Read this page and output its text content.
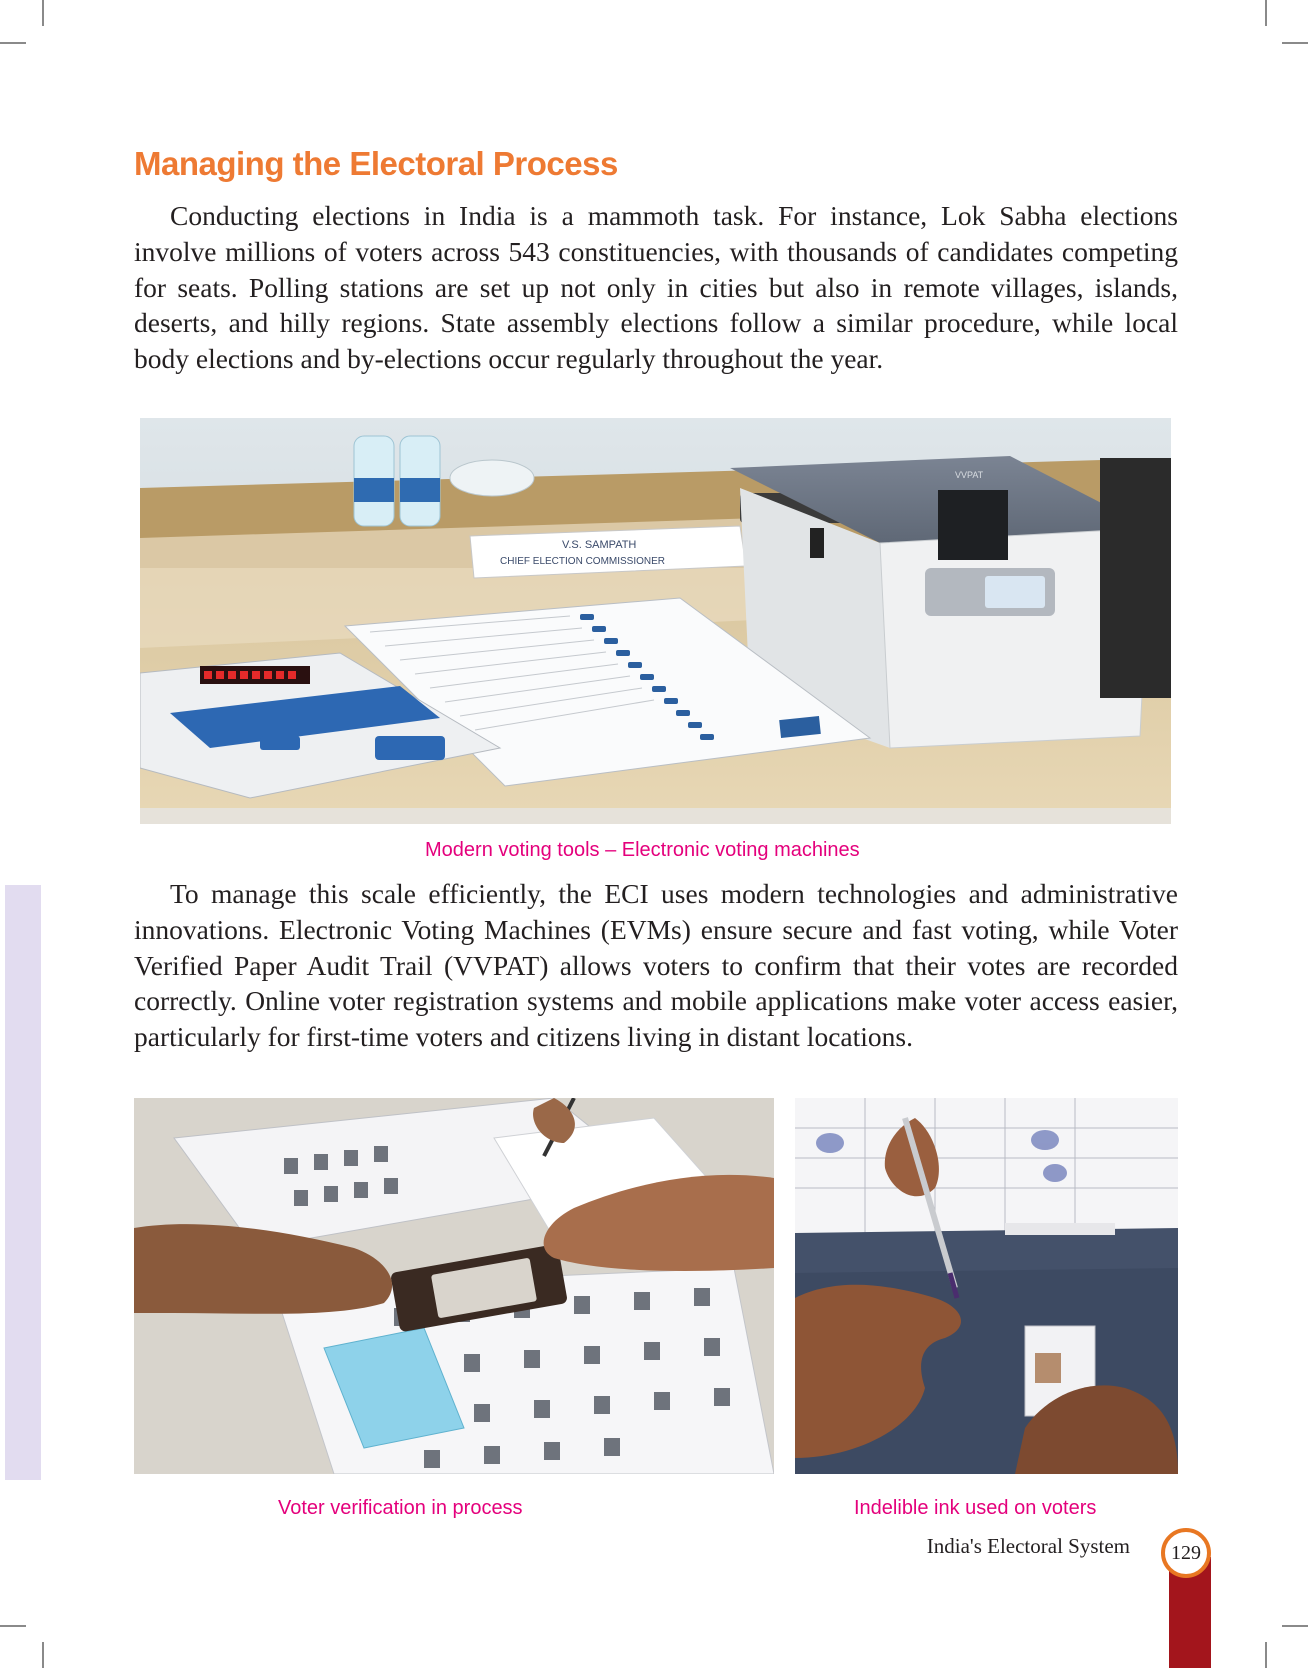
Managing the Electoral Process

Conducting elections in India is a mammoth task. For instance, Lok Sabha elections involve millions of voters across 543 constituencies, with thousands of candidates competing for seats. Polling stations are set up not only in cities but also in remote villages, islands, deserts, and hilly regions. State assembly elections follow a similar procedure, while local body elections and by-elections occur regularly throughout the year.

V.S. SAMPATH
CHIEF ELECTION COMMISSIONER
VVPAT

Modern voting tools – Electronic voting machines

To manage this scale efficiently, the ECI uses modern technologies and administrative innovations. Electronic Voting Machines (EVMs) ensure secure and fast voting, while Voter Verified Paper Audit Trail (VVPAT) allows voters to confirm that their votes are recorded correctly. Online voter registration systems and mobile applications make voter access easier, particularly for first-time voters and citizens living in distant locations.

Voter verification in process	Indelible ink used on voters

India's Electoral System	129
